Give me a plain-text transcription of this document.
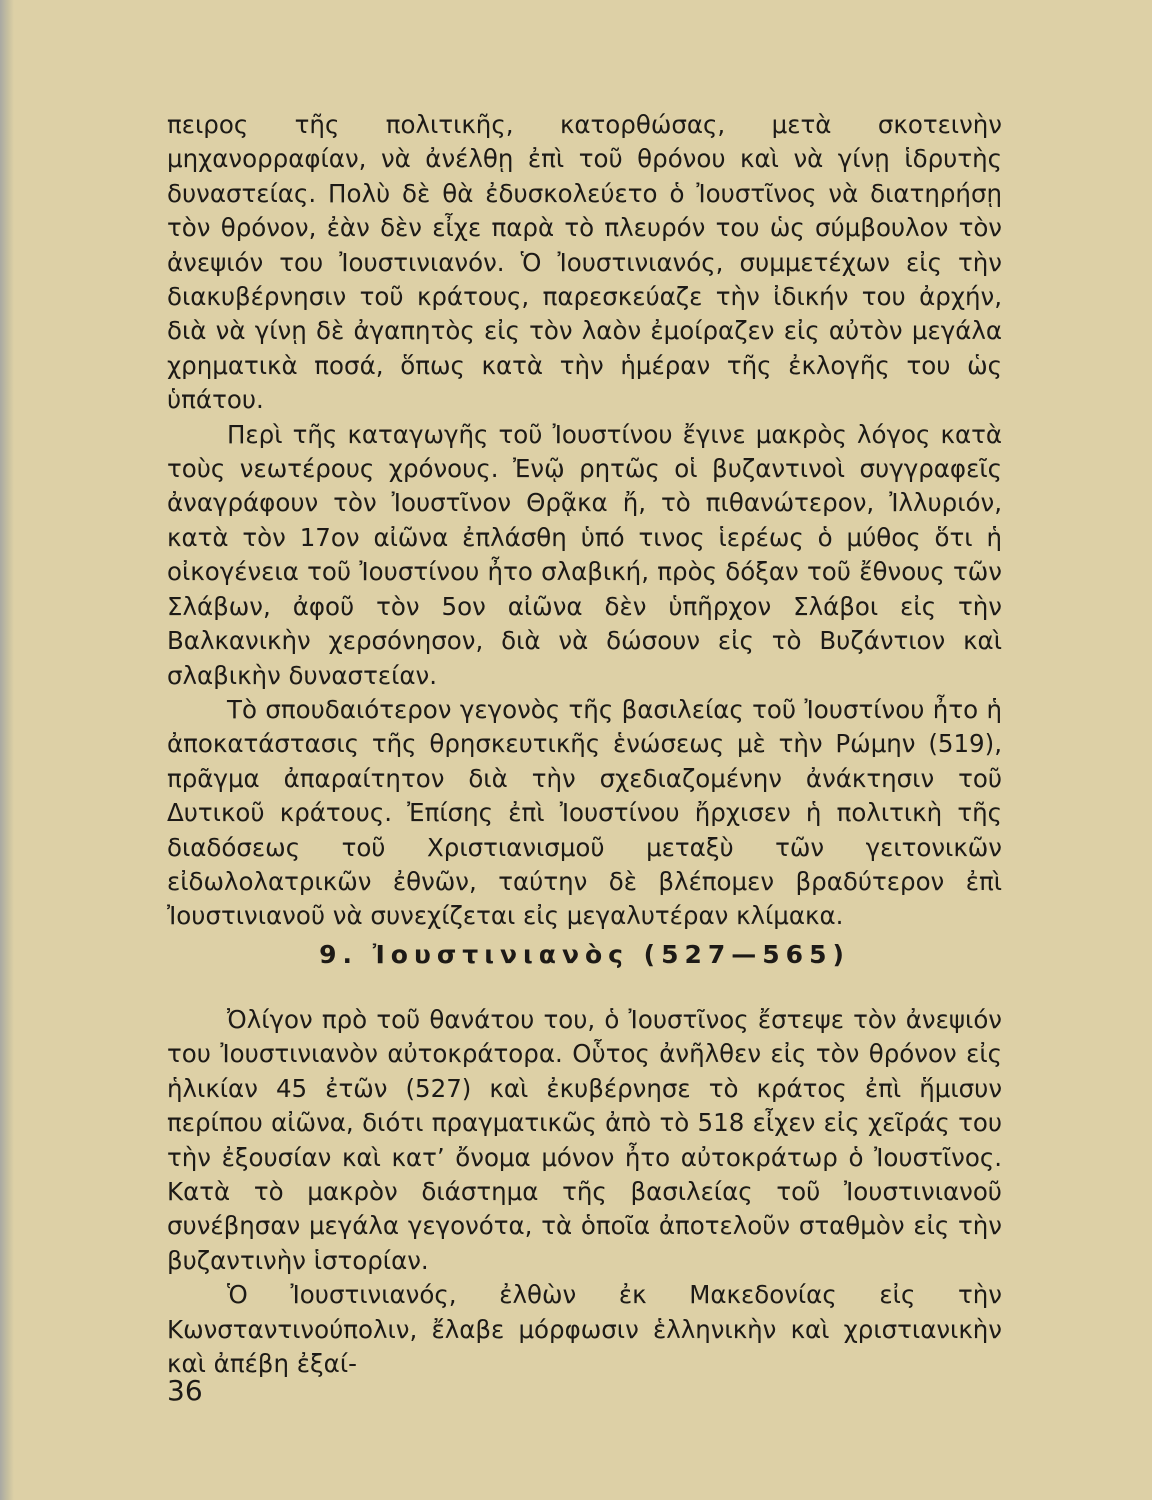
πειρος τῆς πολιτικῆς, κατορθώσας, μετὰ σκοτεινὴν μηχανορραφίαν, νὰ ἀνέλθῃ ἐπὶ τοῦ θρόνου καὶ νὰ γίνῃ ἱδρυτὴς δυναστείας. Πολὺ δὲ θὰ ἐδυσκολεύετο ὁ Ἰουστῖνος νὰ διατηρήσῃ τὸν θρόνον, ἐὰν δὲν εἶχε παρὰ τὸ πλευρόν του ὡς σύμβουλον τὸν ἀνεψιόν του Ἰουστινιανόν. Ὁ Ἰουστινιανός, συμμετέχων εἰς τὴν διακυβέρνησιν τοῦ κράτους, παρεσκεύαζε τὴν ἰδικήν του ἀρχήν, διὰ νὰ γίνῃ δὲ ἀγαπητὸς εἰς τὸν λαὸν ἐμοίραζεν εἰς αὐτὸν μεγάλα χρηματικὰ ποσά, ὅπως κατὰ τὴν ἡμέραν τῆς ἐκλογῆς του ὡς ὑπάτου.

Περὶ τῆς καταγωγῆς τοῦ Ἰουστίνου ἔγινε μακρὸς λόγος κατὰ τοὺς νεωτέρους χρόνους. Ἐνῷ ρητῶς οἱ βυζαντινοὶ συγγραφεῖς ἀναγράφουν τὸν Ἰουστῖνον Θρᾷκα ἤ, τὸ πιθανώτερον, Ἰλλυριόν, κατὰ τὸν 17ον αἰῶνα ἐπλάσθη ὑπό τινος ἱερέως ὁ μύθος ὅτι ἡ οἰκογένεια τοῦ Ἰουστίνου ἦτο σλαβική, πρὸς δόξαν τοῦ ἔθνους τῶν Σλάβων, ἀφοῦ τὸν 5ον αἰῶνα δὲν ὑπῆρχον Σλάβοι εἰς τὴν Βαλκανικὴν χερσόνησον, διὰ νὰ δώσουν εἰς τὸ Βυζάντιον καὶ σλαβικὴν δυναστείαν.

Τὸ σπουδαιότερον γεγονὸς τῆς βασιλείας τοῦ Ἰουστίνου ἦτο ἡ ἀποκατάστασις τῆς θρησκευτικῆς ἑνώσεως μὲ τὴν Ρώμην (519), πρᾶγμα ἀπαραίτητον διὰ τὴν σχεδιαζομένην ἀνάκτησιν τοῦ Δυτικοῦ κράτους. Ἐπίσης ἐπὶ Ἰουστίνου ἤρχισεν ἡ πολιτικὴ τῆς διαδόσεως τοῦ Χριστιανισμοῦ μεταξὺ τῶν γειτονικῶν εἰδωλολατρικῶν ἐθνῶν, ταύτην δὲ βλέπομεν βραδύτερον ἐπὶ Ἰουστινιανοῦ νὰ συνεχίζεται εἰς μεγαλυτέραν κλίμακα.

9. Ἰουστινιανὸς (527—565)

Ὀλίγον πρὸ τοῦ θανάτου του, ὁ Ἰουστῖνος ἔστεψε τὸν ἀνεψιόν του Ἰουστινιανὸν αὐτοκράτορα. Οὗτος ἀνῆλθεν εἰς τὸν θρόνον εἰς ἡλικίαν 45 ἐτῶν (527) καὶ ἐκυβέρνησε τὸ κράτος ἐπὶ ἥμισυν περίπου αἰῶνα, διότι πραγματικῶς ἀπὸ τὸ 518 εἶχεν εἰς χεῖράς του τὴν ἐξουσίαν καὶ κατ’ ὄνομα μόνον ἦτο αὐτοκράτωρ ὁ Ἰουστῖνος. Κατὰ τὸ μακρὸν διάστημα τῆς βασιλείας τοῦ Ἰουστινιανοῦ συνέβησαν μεγάλα γεγονότα, τὰ ὁποῖα ἀποτελοῦν σταθμὸν εἰς τὴν βυζαντινὴν ἱστορίαν.

Ὁ Ἰουστινιανός, ἐλθὼν ἐκ Μακεδονίας εἰς τὴν Κωνσταντινούπολιν, ἔλαβε μόρφωσιν ἑλληνικὴν καὶ χριστιανικὴν καὶ ἀπέβη ἐξαί-

36
